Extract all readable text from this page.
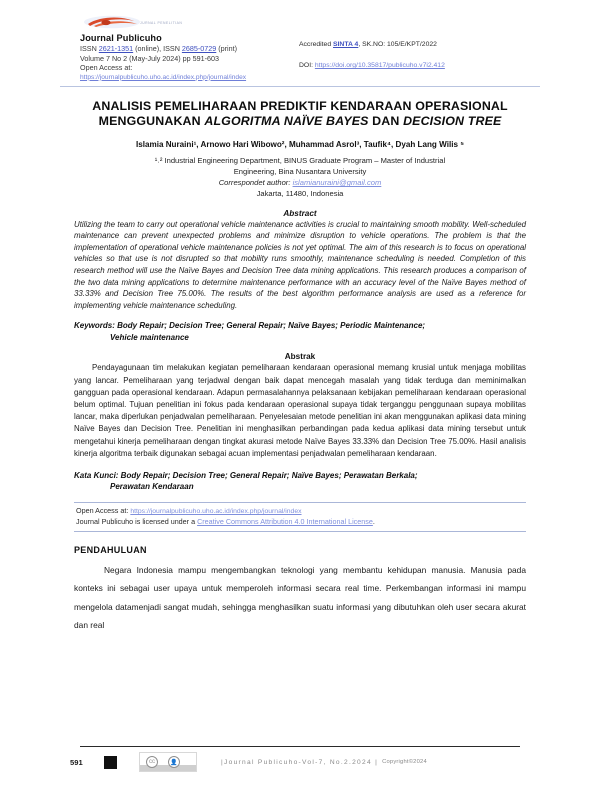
JURNAL PENELITIAN
Journal Publicuho
ISSN 2621-1351 (online), ISSN 2685-0729 (print)
Volume 7 No 2 (May-July 2024) pp 591-603
Open Access at:
https://journalpublicuho.uho.ac.id/index.php/journal/index
Accredited SINTA 4, SK.NO: 105/E/KPT/2022
DOI: https://doi.org/10.35817/publicuho.v7i2.412
ANALISIS PEMELIHARAAN PREDIKTIF KENDARAAN OPERASIONAL
MENGGUNAKAN ALGORITMA NAÏVE BAYES DAN DECISION TREE
Islamia Nuraini¹, Arnowo Hari Wibowo², Muhammad Asrol³, Taufik⁴, Dyah Lang Wilis ⁵
¹˒² Industrial Engineering Department, BINUS Graduate Program – Master of Industrial
Engineering, Bina Nusantara University
Correspondet author: islamianuraini@gmail.com
Jakarta, 11480, Indonesia
Abstract
Utilizing the team to carry out operational vehicle maintenance activities is crucial to maintaining smooth mobility. Well-scheduled maintenance can prevent unexpected problems and minimize disruption to vehicle operations. The problem is that the implementation of operational vehicle maintenance policies is not yet optimal. The aim of this research is to focus on operational vehicles so that use is not disrupted so that mobility runs smoothly, maintenance scheduling is needed. Completion of this research method will use the Naïve Bayes and Decision Tree data mining applications. This research produces a comparison of the two data mining applications to determine maintenance performance with an accuracy level of the Naïve Bayes method of 33.33% and Decision Tree 75.00%. The results of the best algorithm performance analysis are used as a reference for implementing vehicle maintenance scheduling.
Keywords: Body Repair; Decision Tree; General Repair; Naïve Bayes; Periodic Maintenance;
Vehicle maintenance
Abstrak
Pendayagunaan tim melakukan kegiatan pemeliharaan kendaraan operasional memang krusial untuk menjaga mobilitas yang lancar. Pemeliharaan yang terjadwal dengan baik dapat mencegah masalah yang tidak terduga dan meminimalkan gangguan pada operasional kendaraan. Adapun permasalahannya pelaksanaan kebijakan pemeliharaan kendaraan operasional belum optimal. Tujuan penelitian ini fokus pada kendaraan operasional supaya tidak terganggu penggunaan supaya mobilitas lancar, maka diperlukan penjadwalan pemeliharaan. Penyelesaian metode penelitian ini akan menggunakan aplikasi data mining Naïve Bayes dan Decision Tree. Penelitian ini menghasilkan perbandingan pada kedua aplikasi data mining tersebut untuk mengetahui kinerja pemeliharaan dengan tingkat akurasi metode Naïve Bayes 33.33% dan Decision Tree 75.00%. Hasil analisis kinerja algoritma terbaik digunakan sebagai acuan implementasi penjadwalan pemeliharaan kendaraan.
Kata Kunci: Body Repair; Decision Tree; General Repair; Naïve Bayes; Perawatan Berkala;
Perawatan Kendaraan
Open Access at: https://journalpublicuho.uho.ac.id/index.php/journal/index
Journal Publicuho is licensed under a Creative Commons Attribution 4.0 International License.
PENDAHULUAN
Negara Indonesia mampu mengembangkan teknologi yang membantu kehidupan manusia. Manusia pada konteks ini sebagai user upaya untuk memperoleh informasi secara real time. Perkembangan informasi ini mampu mengelola datamenjadi sangat mudah, sehingga menghasilkan suatu informasi yang dibutuhkan oleh user secara akurat dan real
591	cc	👤	|Journal Publicuho-Vol-7, No.2.2024 | Copyright©2024
